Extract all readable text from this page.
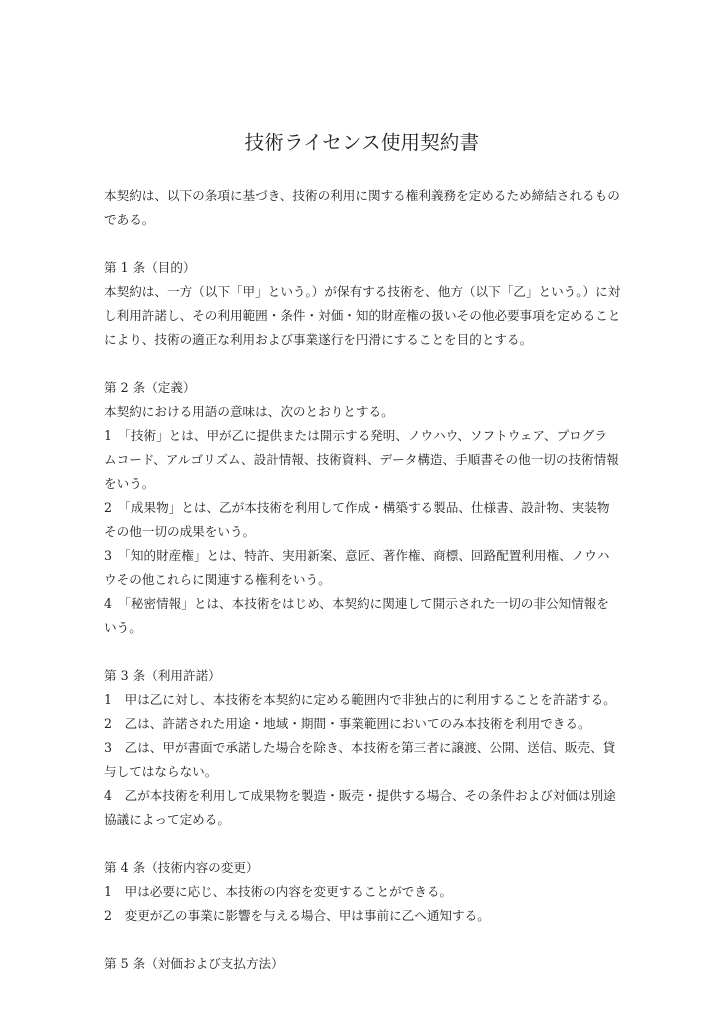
技術ライセンス使用契約書
本契約は、以下の条項に基づき、技術の利用に関する権利義務を定めるため締結されるもの
である。
第 1 条（目的）
本契約は、一方（以下「甲」という。）が保有する技術を、他方（以下「乙」という。）に対
し利用許諾し、その利用範囲・条件・対価・知的財産権の扱いその他必要事項を定めること
により、技術の適正な利用および事業遂行を円滑にすることを目的とする。
第 2 条（定義）
本契約における用語の意味は、次のとおりとする。
1　「技術」とは、甲が乙に提供または開示する発明、ノウハウ、ソフトウェア、プログラ
ムコード、アルゴリズム、設計情報、技術資料、データ構造、手順書その他一切の技術情報
をいう。
2　「成果物」とは、乙が本技術を利用して作成・構築する製品、仕様書、設計物、実装物
その他一切の成果をいう。
3　「知的財産権」とは、特許、実用新案、意匠、著作権、商標、回路配置利用権、ノウハ
ウその他これらに関連する権利をいう。
4　「秘密情報」とは、本技術をはじめ、本契約に関連して開示された一切の非公知情報を
いう。
第 3 条（利用許諾）
1　甲は乙に対し、本技術を本契約に定める範囲内で非独占的に利用することを許諾する。
2　乙は、許諾された用途・地域・期間・事業範囲においてのみ本技術を利用できる。
3　乙は、甲が書面で承諾した場合を除き、本技術を第三者に譲渡、公開、送信、販売、貸
与してはならない。
4　乙が本技術を利用して成果物を製造・販売・提供する場合、その条件および対価は別途
協議によって定める。
第 4 条（技術内容の変更）
1　甲は必要に応じ、本技術の内容を変更することができる。
2　変更が乙の事業に影響を与える場合、甲は事前に乙へ通知する。
第 5 条（対価および支払方法）
